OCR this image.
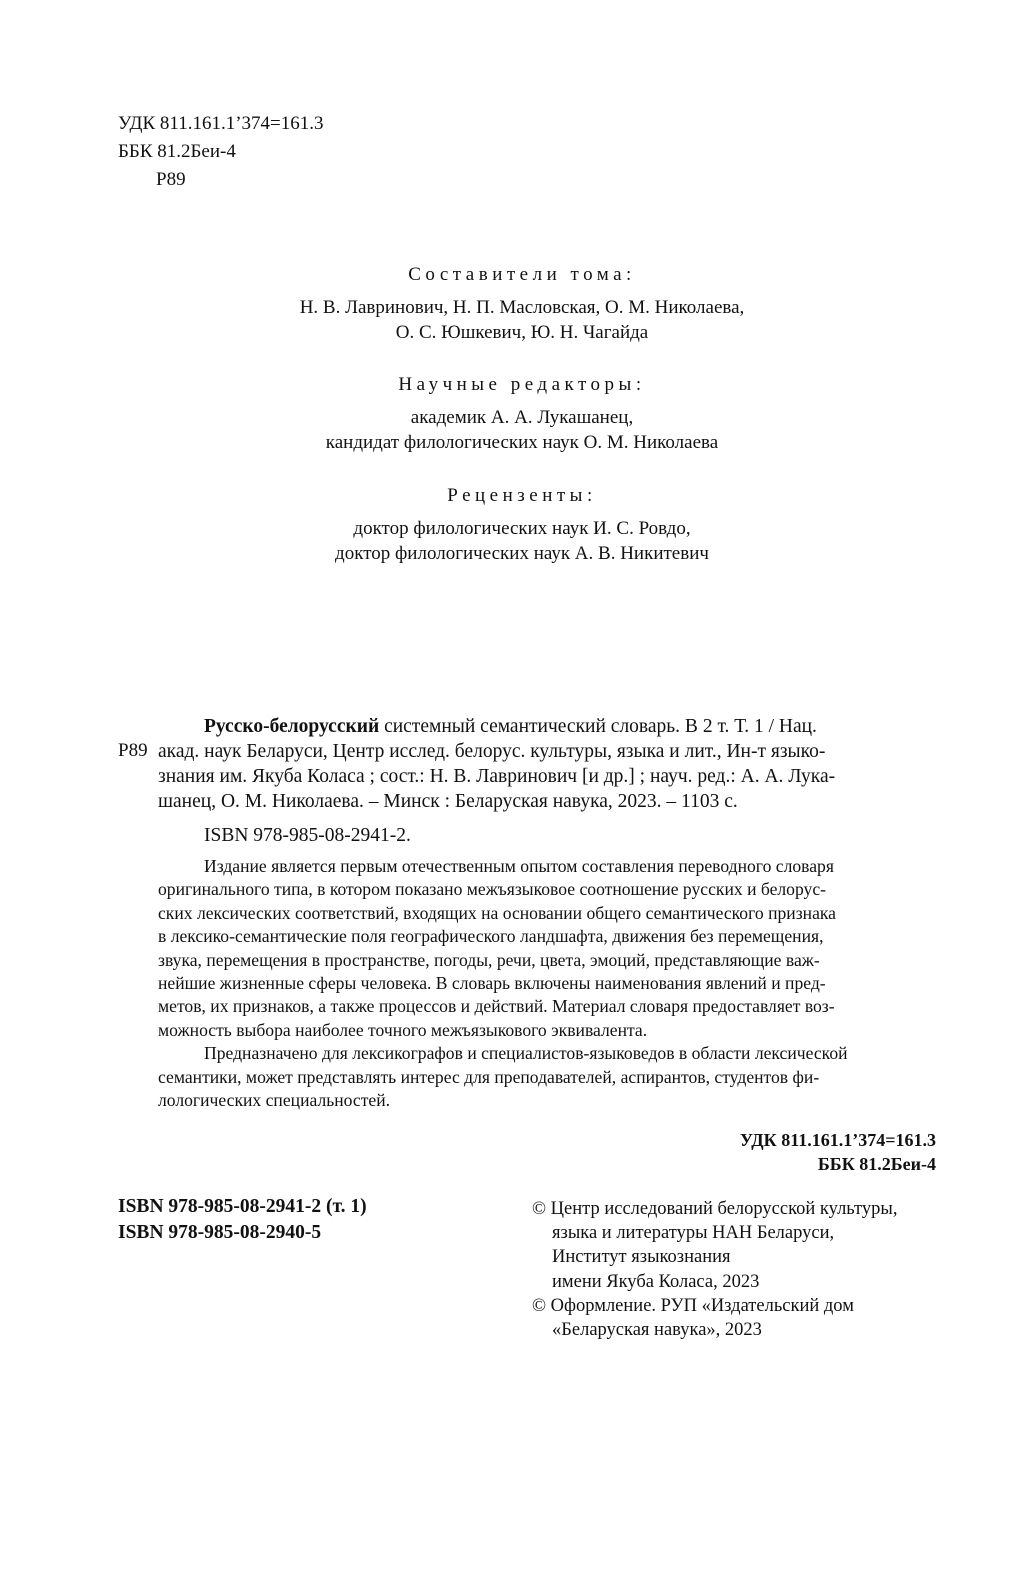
УДК 811.161.1’374=161.3
ББК 81.2Беи-4
Р89
Составители тома:
Н. В. Лавринович, Н. П. Масловская, О. М. Николаева,
О. С. Юшкевич, Ю. Н. Чагайда
Научные редакторы:
академик А. А. Лукашанец,
кандидат филологических наук О. М. Николаева
Рецензенты:
доктор филологических наук И. С. Ровдо,
доктор филологических наук А. В. Никитевич
Р89
Русско-белорусский системный семантический словарь. В 2 т. Т. 1 / Нац.
акад. наук Беларуси, Центр исслед. белорус. культуры, языка и лит., Ин-т языко-
знания им. Якуба Коласа ; сост.: Н. В. Лавринович [и др.] ; науч. ред.: А. А. Лука-
шанец, О. М. Николаева. – Минск : Беларуская навука, 2023. – 1103 с.
ISBN 978-985-08-2941-2.
Издание является первым отечественным опытом составления переводного словаря
оригинального типа, в котором показано межъязыковое соотношение русских и белорус-
ских лексических соответствий, входящих на основании общего семантического признака
в лексико-семантические поля географического ландшафта, движения без перемещения,
звука, перемещения в пространстве, погоды, речи, цвета, эмоций, представляющие важ-
нейшие жизненные сферы человека. В словарь включены наименования явлений и пред-
метов, их признаков, а также процессов и действий. Материал словаря предоставляет воз-
можность выбора наиболее точного межъязыкового эквивалента.
Предназначено для лексикографов и специалистов-языковедов в области лексической
семантики, может представлять интерес для преподавателей, аспирантов, студентов фи-
лологических специальностей.
УДК 811.161.1’374=161.3
ББК 81.2Беи-4
ISBN 978-985-08-2941-2 (т. 1)
ISBN 978-985-08-2940-5
© Центр исследований белорусской культуры,
языка и литературы НАН Беларуси,
Институт языкознания
имени Якуба Коласа, 2023
© Оформление. РУП «Издательский дом
«Беларуская навука», 2023
